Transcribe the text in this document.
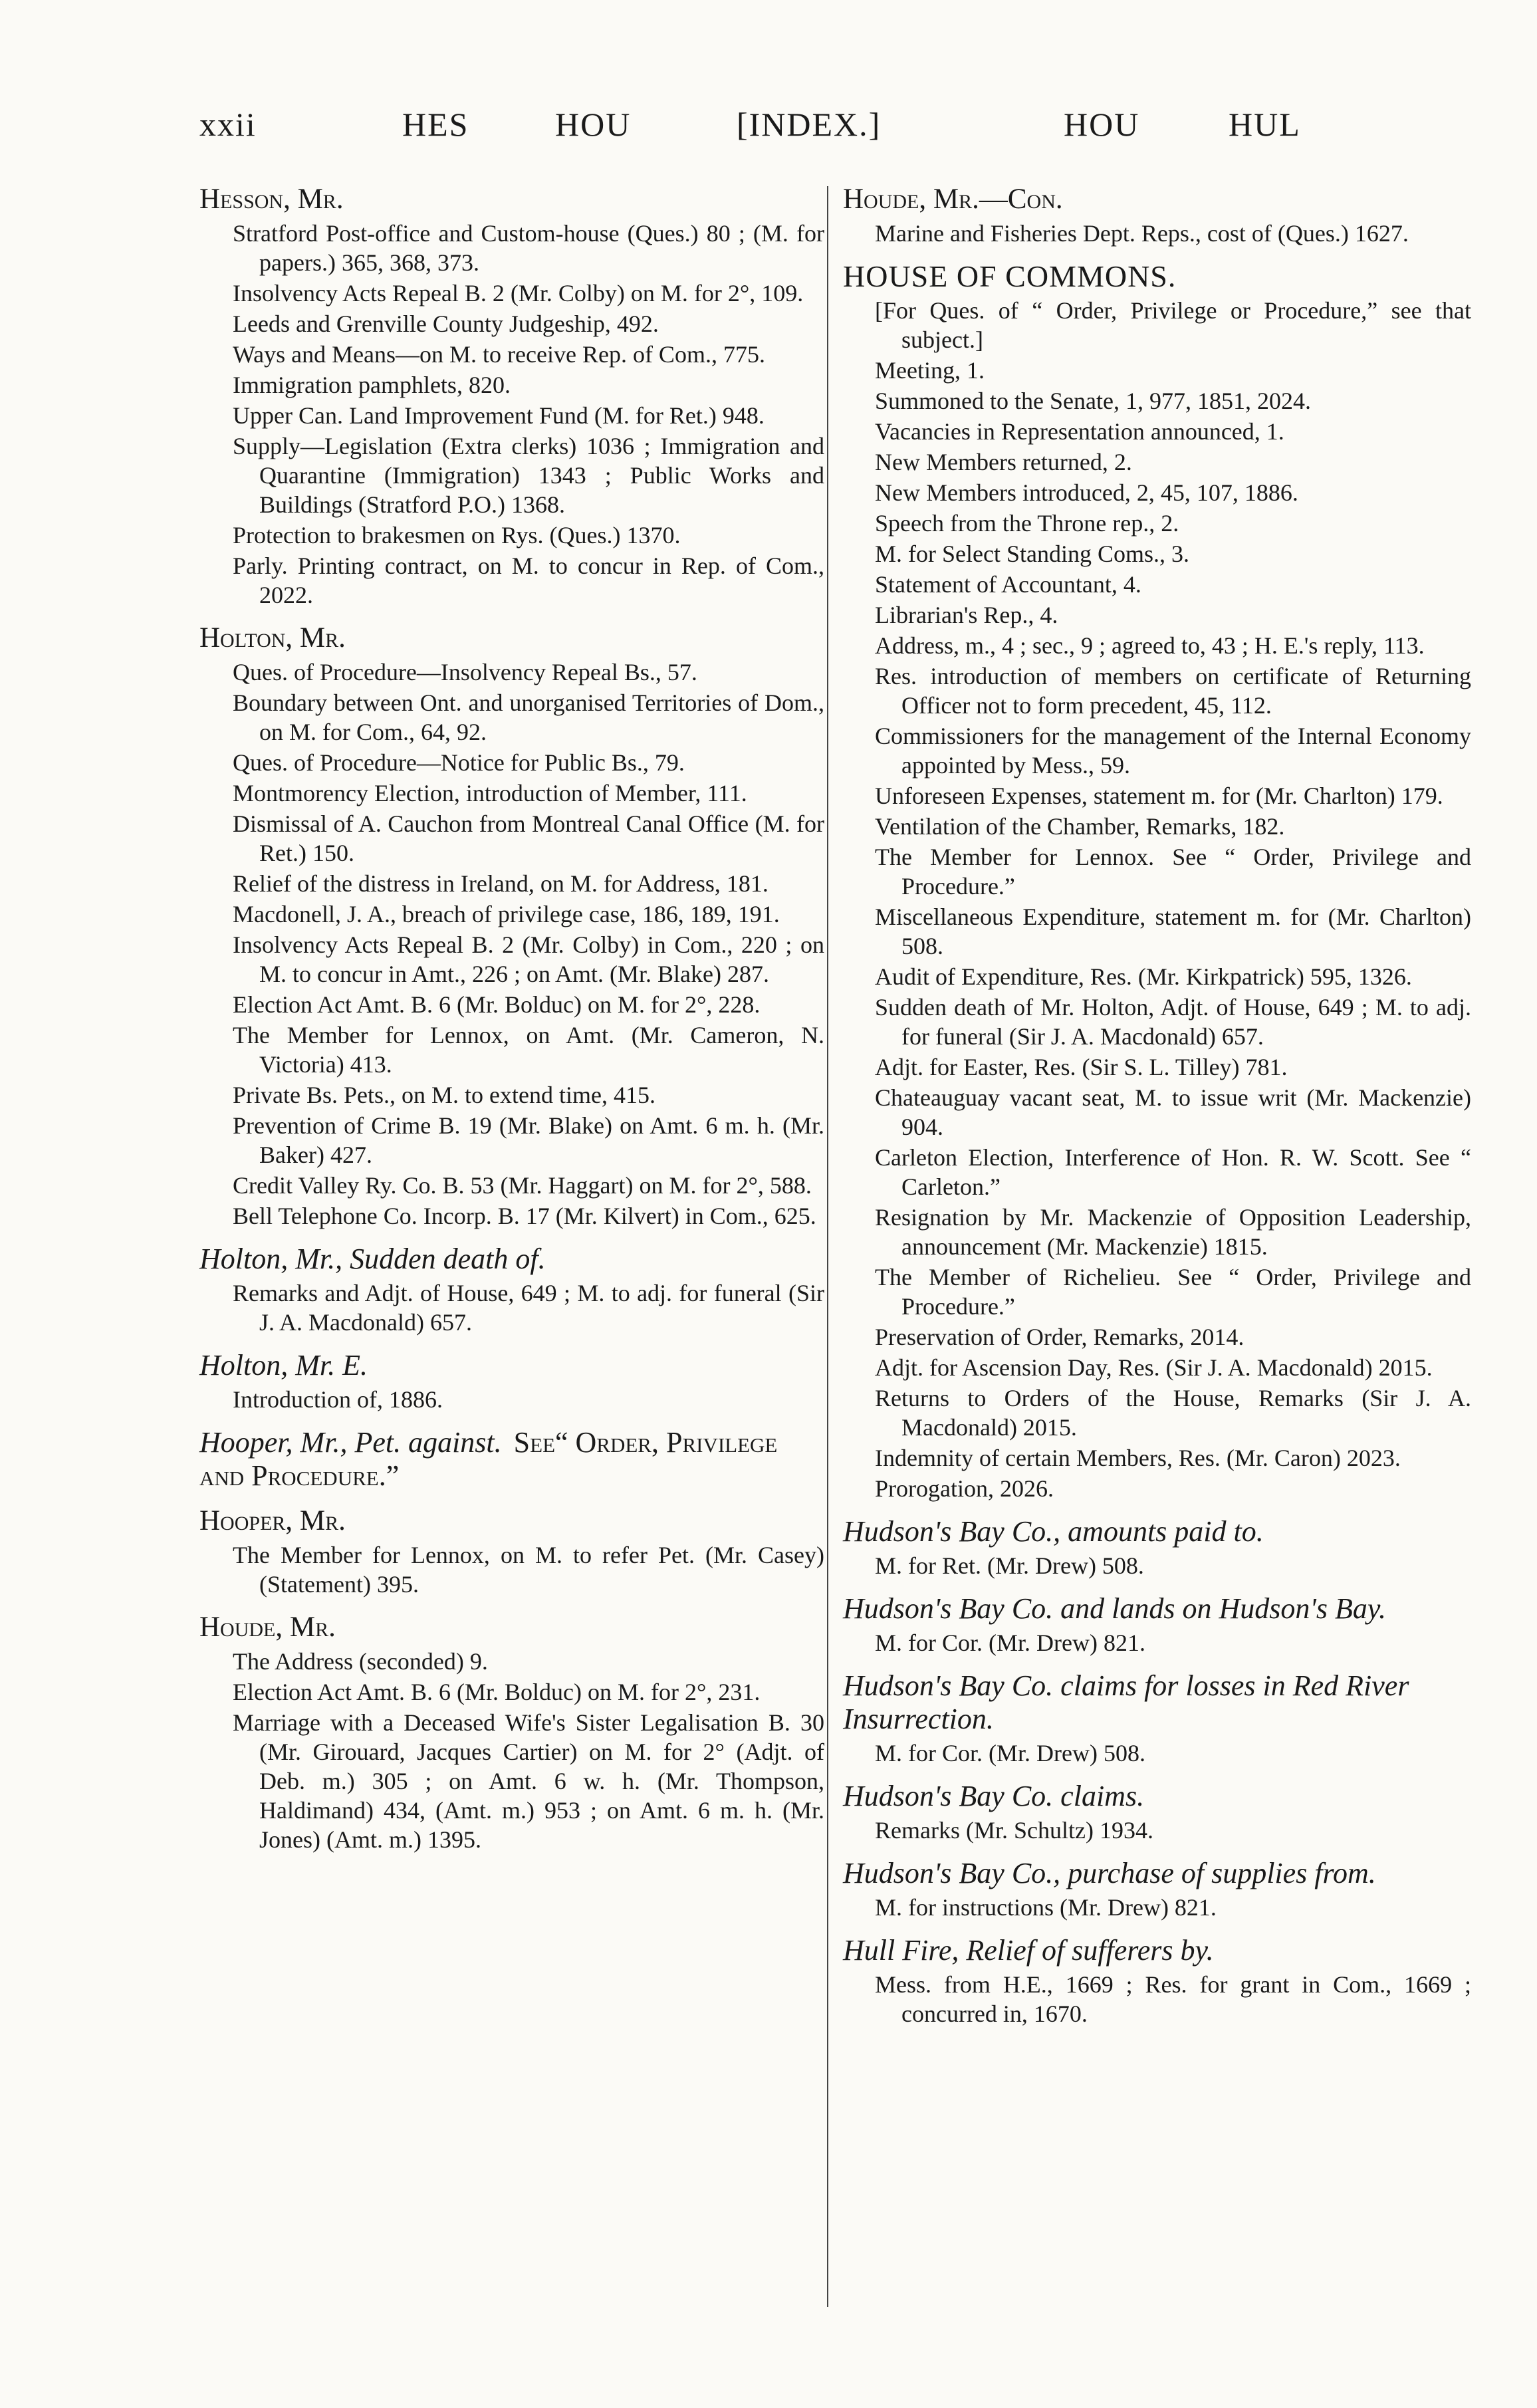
xxii	HES	HOU	[INDEX.]	HOU	HUL
Hesson, Mr.
Stratford Post-office and Custom-house (Ques.) 80 ; (M. for papers.) 365, 368, 373.
Insolvency Acts Repeal B. 2 (Mr. Colby) on M. for 2°, 109.
Leeds and Grenville County Judgeship, 492.
Ways and Means—on M. to receive Rep. of Com., 775.
Immigration pamphlets, 820.
Upper Can. Land Improvement Fund (M. for Ret.) 948.
Supply—Legislation (Extra clerks) 1036 ; Immigration and Quarantine (Immigration) 1343 ; Public Works and Buildings (Stratford P.O.) 1368.
Protection to brakesmen on Rys. (Ques.) 1370.
Parly. Printing contract, on M. to concur in Rep. of Com., 2022.
Holton, Mr.
Ques. of Procedure—Insolvency Repeal Bs., 57.
Boundary between Ont. and unorganised Territories of Dom., on M. for Com., 64, 92.
Ques. of Procedure—Notice for Public Bs., 79.
Montmorency Election, introduction of Member, 111.
Dismissal of A. Cauchon from Montreal Canal Office (M. for Ret.) 150.
Relief of the distress in Ireland, on M. for Address, 181.
Macdonell, J. A., breach of privilege case, 186, 189, 191.
Insolvency Acts Repeal B. 2 (Mr. Colby) in Com., 220 ; on M. to concur in Amt., 226 ; on Amt. (Mr. Blake) 287.
Election Act Amt. B. 6 (Mr. Bolduc) on M. for 2°, 228.
The Member for Lennox, on Amt. (Mr. Cameron, N. Victoria) 413.
Private Bs. Pets., on M. to extend time, 415.
Prevention of Crime B. 19 (Mr. Blake) on Amt. 6 m. h. (Mr. Baker) 427.
Credit Valley Ry. Co. B. 53 (Mr. Haggart) on M. for 2°, 588.
Bell Telephone Co. Incorp. B. 17 (Mr. Kilvert) in Com., 625.
Holton, Mr., Sudden death of.
Remarks and Adjt. of House, 649 ; M. to adj. for funeral (Sir J. A. Macdonald) 657.
Holton, Mr. E.
Introduction of, 1886.
Hooper, Mr., Pet. against. See“ Order, Privilege and Procedure.”
Hooper, Mr.
The Member for Lennox, on M. to refer Pet. (Mr. Casey) (Statement) 395.
Houde, Mr.
The Address (seconded) 9.
Election Act Amt. B. 6 (Mr. Bolduc) on M. for 2°, 231.
Marriage with a Deceased Wife's Sister Legalisation B. 30 (Mr. Girouard, Jacques Cartier) on M. for 2° (Adjt. of Deb. m.) 305 ; on Amt. 6 w. h. (Mr. Thompson, Haldimand) 434, (Amt. m.) 953 ; on Amt. 6 m. h. (Mr. Jones) (Amt. m.) 1395.
Houde, Mr.—Con.
Marine and Fisheries Dept. Reps., cost of (Ques.) 1627.
HOUSE OF COMMONS.
[For Ques. of “ Order, Privilege or Procedure,” see that subject.]
Meeting, 1.
Summoned to the Senate, 1, 977, 1851, 2024.
Vacancies in Representation announced, 1.
New Members returned, 2.
New Members introduced, 2, 45, 107, 1886.
Speech from the Throne rep., 2.
M. for Select Standing Coms., 3.
Statement of Accountant, 4.
Librarian's Rep., 4.
Address, m., 4 ; sec., 9 ; agreed to, 43 ; H. E.'s reply, 113.
Res. introduction of members on certificate of Returning Officer not to form precedent, 45, 112.
Commissioners for the management of the Internal Economy appointed by Mess., 59.
Unforeseen Expenses, statement m. for (Mr. Charlton) 179.
Ventilation of the Chamber, Remarks, 182.
The Member for Lennox. See “ Order, Privilege and Procedure.”
Miscellaneous Expenditure, statement m. for (Mr. Charlton) 508.
Audit of Expenditure, Res. (Mr. Kirkpatrick) 595, 1326.
Sudden death of Mr. Holton, Adjt. of House, 649 ; M. to adj. for funeral (Sir J. A. Macdonald) 657.
Adjt. for Easter, Res. (Sir S. L. Tilley) 781.
Chateauguay vacant seat, M. to issue writ (Mr. Mackenzie) 904.
Carleton Election, Interference of Hon. R. W. Scott. See “ Carleton.”
Resignation by Mr. Mackenzie of Opposition Leadership, announcement (Mr. Mackenzie) 1815.
The Member of Richelieu. See “ Order, Privilege and Procedure.”
Preservation of Order, Remarks, 2014.
Adjt. for Ascension Day, Res. (Sir J. A. Macdonald) 2015.
Returns to Orders of the House, Remarks (Sir J. A. Macdonald) 2015.
Indemnity of certain Members, Res. (Mr. Caron) 2023.
Prorogation, 2026.
Hudson's Bay Co., amounts paid to.
M. for Ret. (Mr. Drew) 508.
Hudson's Bay Co. and lands on Hudson's Bay.
M. for Cor. (Mr. Drew) 821.
Hudson's Bay Co. claims for losses in Red River Insurrection.
M. for Cor. (Mr. Drew) 508.
Hudson's Bay Co. claims.
Remarks (Mr. Schultz) 1934.
Hudson's Bay Co., purchase of supplies from.
M. for instructions (Mr. Drew) 821.
Hull Fire, Relief of sufferers by.
Mess. from H.E., 1669 ; Res. for grant in Com., 1669 ; concurred in, 1670.
